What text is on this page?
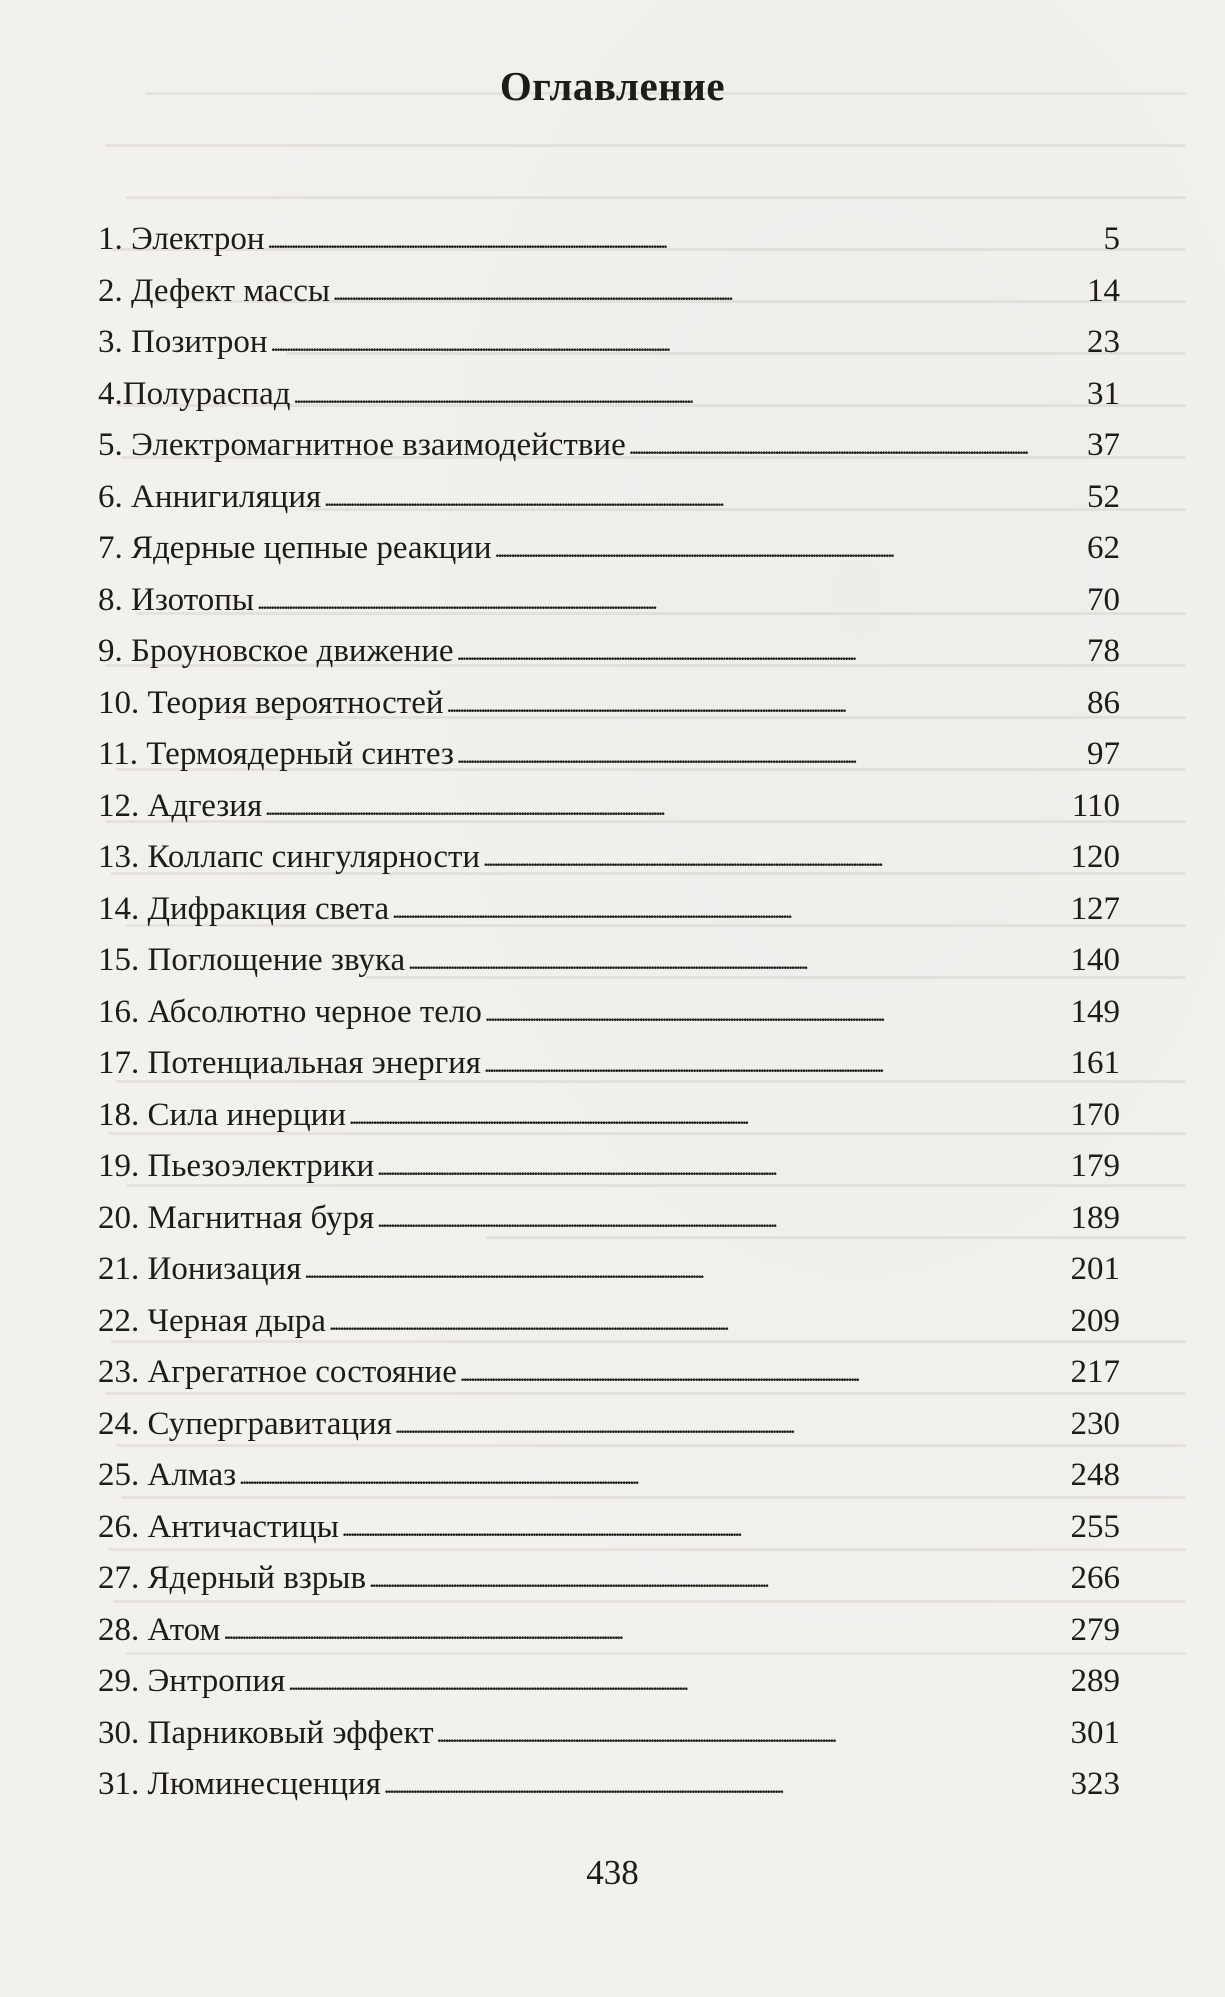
Оглавление
1. Электрон . . .	5
2. Дефект массы . . .	14
3. Позитрон . . .	23
4.Полураспад . . .	31
5. Электромагнитное взаимодействие . . .	37
6. Аннигиляция . . .	52
7. Ядерные цепные реакции . . .	62
8. Изотопы . . .	70
9. Броуновское движение . . .	78
10. Теория вероятностей . . .	86
11. Термоядерный синтез . . .	97
12. Адгезия . . .	110
13. Коллапс сингулярности . . .	120
14. Дифракция света . . .	127
15. Поглощение звука . . .	140
16. Абсолютно черное тело . . .	149
17. Потенциальная энергия . . .	161
18. Сила инерции . . .	170
19. Пьезоэлектрики . . .	179
20. Магнитная буря . . .	189
21. Ионизация . . .	201
22. Черная дыра . . .	209
23. Агрегатное состояние . . .	217
24. Супергравитация . . .	230
25. Алмаз . . .	248
26. Античастицы . . .	255
27. Ядерный взрыв . . .	266
28. Атом . . .	279
29. Энтропия . . .	289
30. Парниковый эффект . . .	301
31. Люминесценция . . .	323
438
